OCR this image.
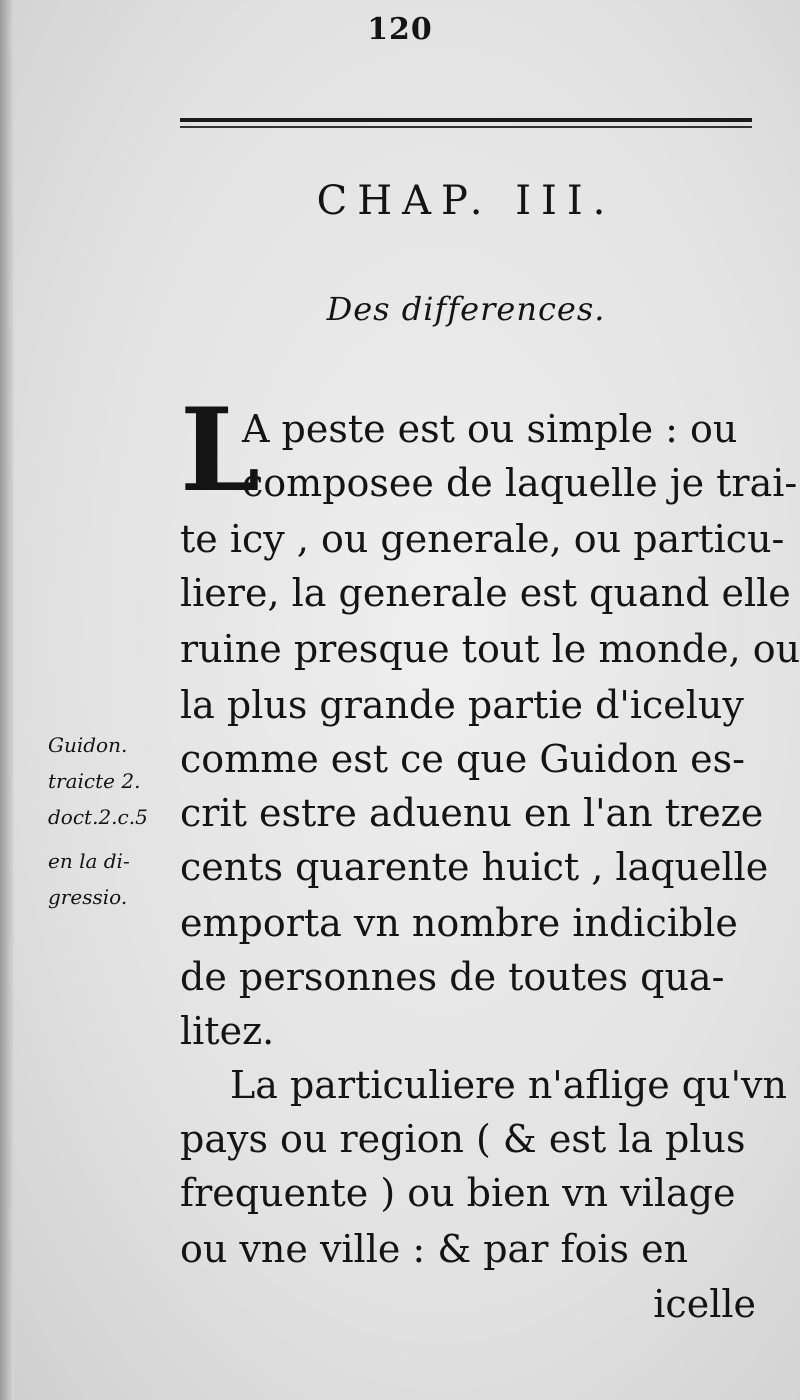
120
CHAP. III.
Des differences.
L
A peste est ou simple : ou
composee de laquelle je trai-
te icy , ou generale, ou particu-
liere, la generale est quand elle
ruine presque tout le monde, ou
la plus grande partie d'iceluy
comme est ce que Guidon es-
crit estre aduenu en l'an treze
cents quarente huict , laquelle
emporta vn nombre indicible
de personnes de toutes qua-
litez.
La particuliere n'aflige qu'vn
pays ou region ( & est la plus
frequente ) ou bien vn vilage
ou vne ville : & par fois en
icelle
Guidon.
traicte 2.
doct.2.c.5
en la di-
gressio.
